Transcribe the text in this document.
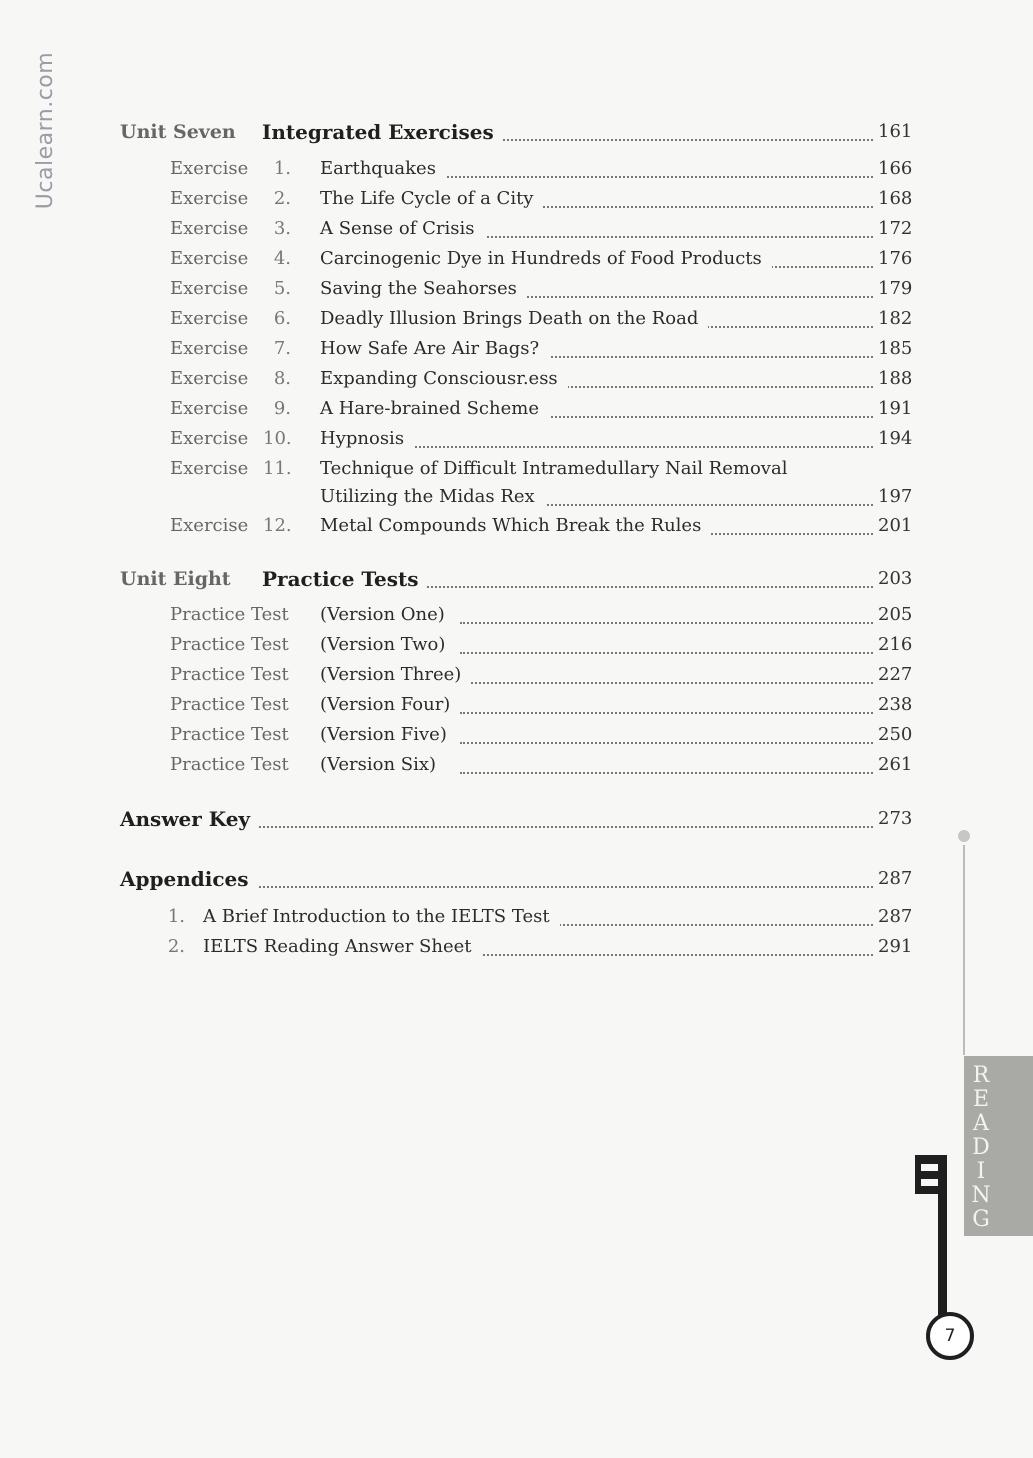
Ucalearn.com	Unit Seven Integrated Exercises	161
Exercise	1. Earthquakes	166
Exercise	2. The Life Cycle of a City	168
Exercise	3. A Sense of Crisis	172
Exercise	4. Carcinogenic Dye in Hundreds of Food Products	176
Exercise	5. Saving the Seahorses	179
Exercise	6. Deadly Illusion Brings Death on the Road	182
Exercise	7. How Safe Are Air Bags?	185
Exercise	8. Expanding Consciousr.ess	188
Exercise	9. A Hare-brained Scheme	191
Exercise 10. Hypnosis	194
Exercise 11. Technique of Difficult Intramedullary Nail Removal
Utilizing the Midas Rex	197
Exercise 12. Metal Compounds Which Break the Rules	201
Unit Eight Practice Tests	203
Practice Test (Version One)	205
Practice Test (Version Two)	216
Practice Test (Version Three)	227
Practice Test (Version Four)	238
Practice Test (Version Five)	250
Practice Test (Version Six)	261
Answer Key	273
Appendices	287
1. A Brief Introduction to the IELTS Test	287
2. IELTS Reading Answer Sheet	291
R
E
A
D
I
N
G
7
